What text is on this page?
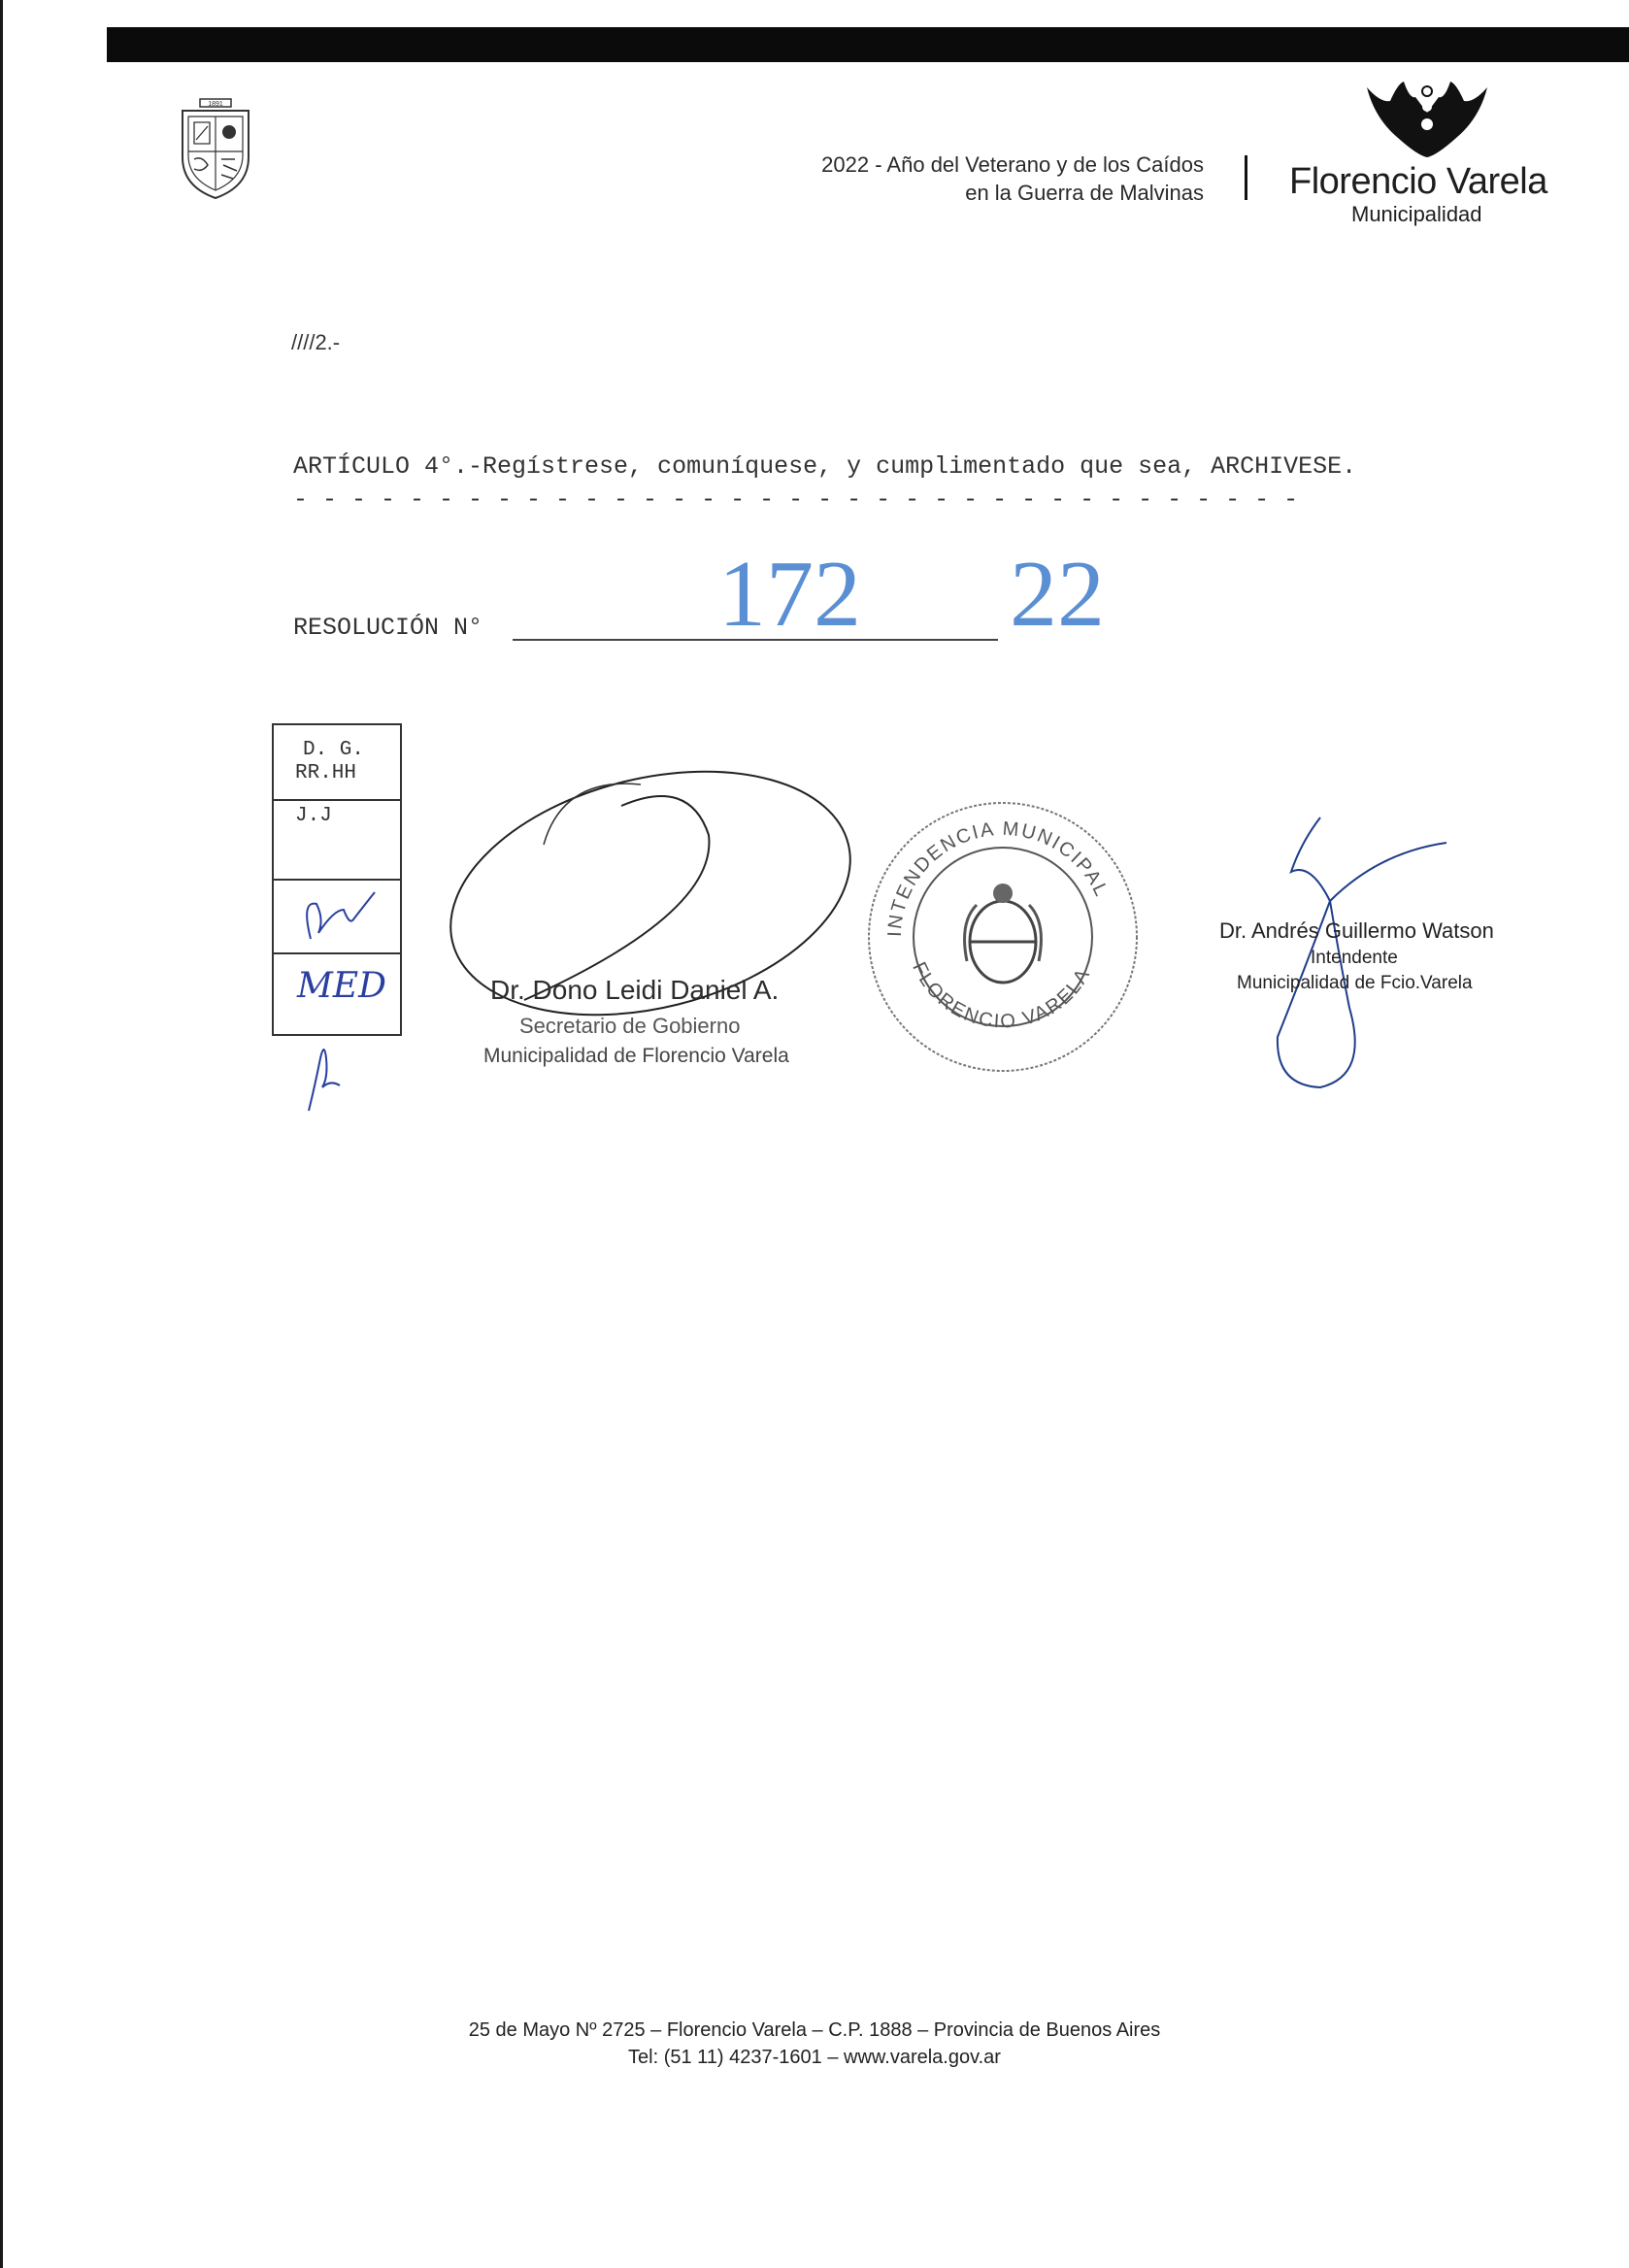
1891
2022 - Año del Veterano y de los Caídos
en la Guerra de Malvinas Florencio Varela
Municipalidad
////2.-
ARTÍCULO 4°.-Regístrese, comuníquese, y cumplimentado que sea, ARCHIVESE.
- - - - - - - - - - - - - - - - - - - - - - - - - - - - - - - - - - -
RESOLUCIÓN N° 172 22
D. G.
RR.HH
J.J
MED	Dr. Dono Leidi Daniel A.
Secretario de Gobierno
Municipalidad de Florencio Varela
INTENDENCIA MUNICIPAL
FLORENCIO VARELA
Dr. Andrés Guillermo Watson
Intendente
Municipalidad de Fcio.Varela
25 de Mayo Nº 2725 – Florencio Varela – C.P. 1888 – Provincia de Buenos Aires
Tel: (51 11) 4237-1601 – www.varela.gov.ar
